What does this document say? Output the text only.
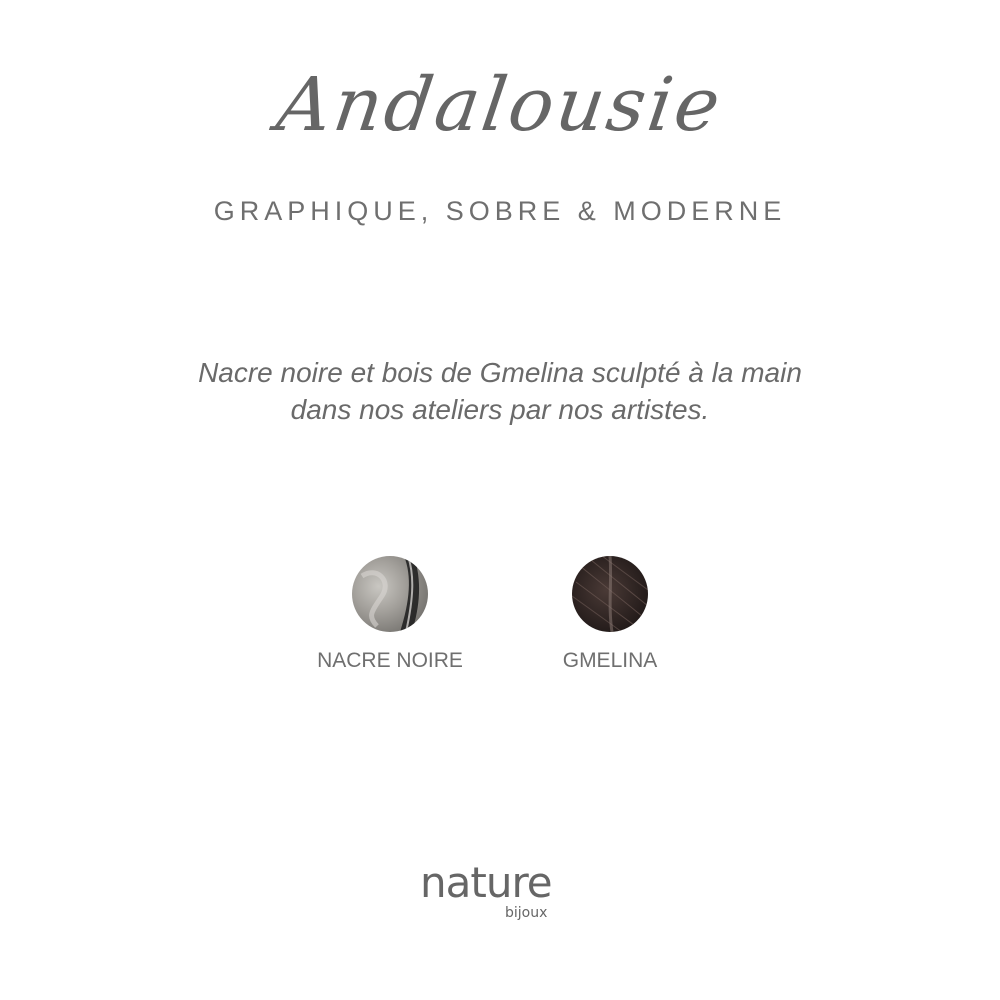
Andalousie
GRAPHIQUE, SOBRE & MODERNE
Nacre noire et bois de Gmelina sculpté à la main
dans nos ateliers par nos artistes.
NACRE NOIRE	GMELINA
nature
bijoux
